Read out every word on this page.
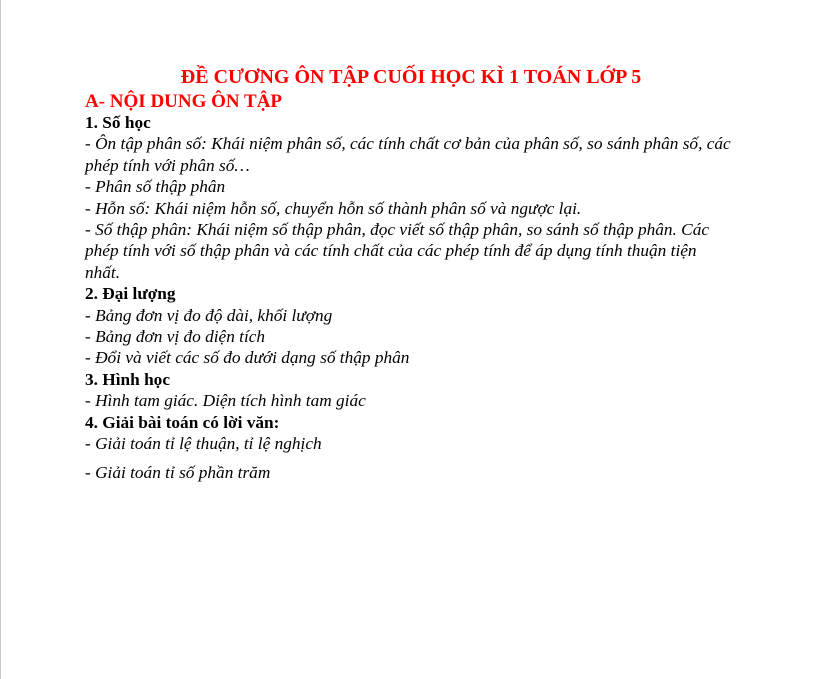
ĐỀ CƯƠNG ÔN TẬP CUỐI HỌC KÌ 1 TOÁN LỚP 5
A- NỘI DUNG ÔN TẬP
1. Số học
- Ôn tập phân số: Khái niệm phân số, các tính chất cơ bản của phân số, so sánh phân số, các phép tính với phân số…
- Phân số thập phân
- Hỗn số: Khái niệm hỗn số, chuyển hỗn số thành phân số và ngược lại.
- Số thập phân: Khái niệm số thập phân, đọc viết số thập phân, so sánh số thập phân. Các phép tính với số thập phân và các tính chất của các phép tính để áp dụng tính thuận tiện nhất.
2. Đại lượng
- Bảng đơn vị đo độ dài, khối lượng
- Bảng đơn vị đo diện tích
- Đổi và viết các số đo dưới dạng số thập phân
3. Hình học
- Hình tam giác. Diện tích hình tam giác
4. Giải bài toán có lời văn:
- Giải toán tỉ lệ thuận, tỉ lệ nghịch
- Giải toán tỉ số phần trăm
